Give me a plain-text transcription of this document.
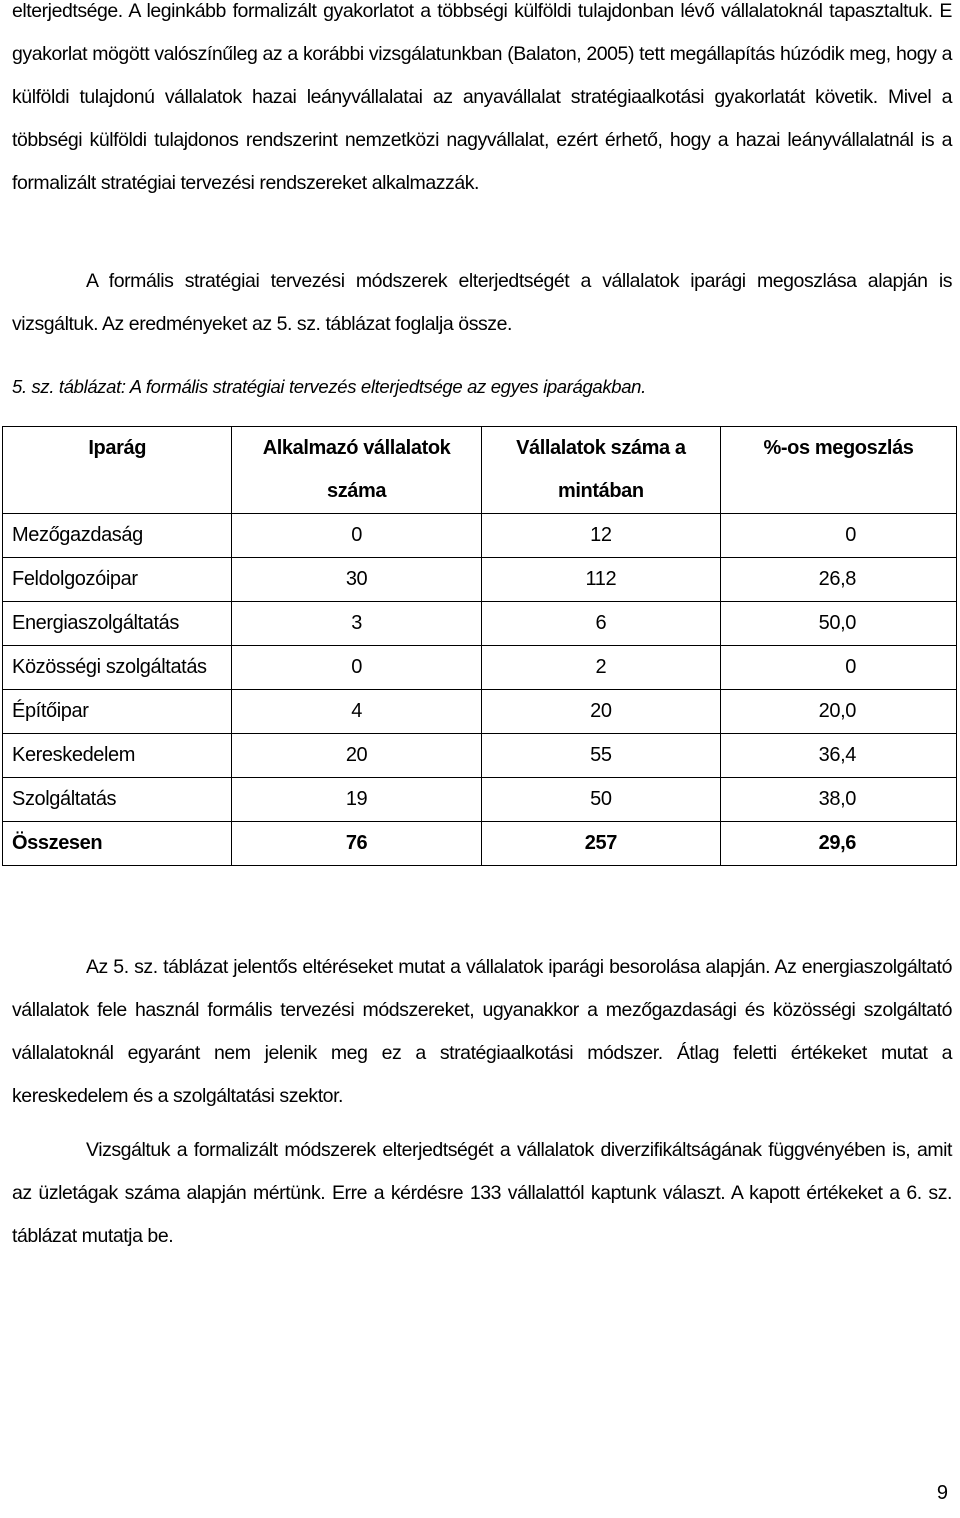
elterjedtsége. A leginkább formalizált gyakorlatot a többségi külföldi tulajdonban lévő vállalatoknál tapasztaltuk. E gyakorlat mögött valószínűleg az a korábbi vizsgálatunkban (Balaton, 2005) tett megállapítás húzódik meg, hogy a külföldi tulajdonú vállalatok hazai leányvállalatai az anyavállalat stratégiaalkotási gyakorlatát követik. Mivel a többségi külföldi tulajdonos rendszerint nemzetközi nagyvállalat, ezért érhető, hogy a hazai leányvállalatnál is a formalizált stratégiai tervezési rendszereket alkalmazzák.

A formális stratégiai tervezési módszerek elterjedtségét a vállalatok iparági megoszlása alapján is vizsgáltuk. Az eredményeket az 5. sz. táblázat foglalja össze.

5. sz. táblázat: A formális stratégiai tervezés elterjedtsége az egyes iparágakban.

Iparág	Alkalmazó vállalatok száma	Vállalatok száma a mintában	%-os megoszlás
Mezőgazdaság	0	12	0
Feldolgozóipar	30	112	26,8
Energiaszolgáltatás	3	6	50,0
Közösségi szolgáltatás	0	2	0
Építőipar	4	20	20,0
Kereskedelem	20	55	36,4
Szolgáltatás	19	50	38,0
Összesen	76	257	29,6

Az 5. sz. táblázat jelentős eltéréseket mutat a vállalatok iparági besorolása alapján. Az energiaszolgáltató vállalatok fele használ formális tervezési módszereket, ugyanakkor a mezőgazdasági és közösségi szolgáltató vállalatoknál egyaránt nem jelenik meg ez a stratégiaalkotási módszer. Átlag feletti értékeket mutat a kereskedelem és a szolgáltatási szektor.

Vizsgáltuk a formalizált módszerek elterjedtségét a vállalatok diverzifikáltságának függvényében is, amit az üzletágak száma alapján mértünk. Erre a kérdésre 133 vállalattól kaptunk választ. A kapott értékeket a 6. sz. táblázat mutatja be.

9
